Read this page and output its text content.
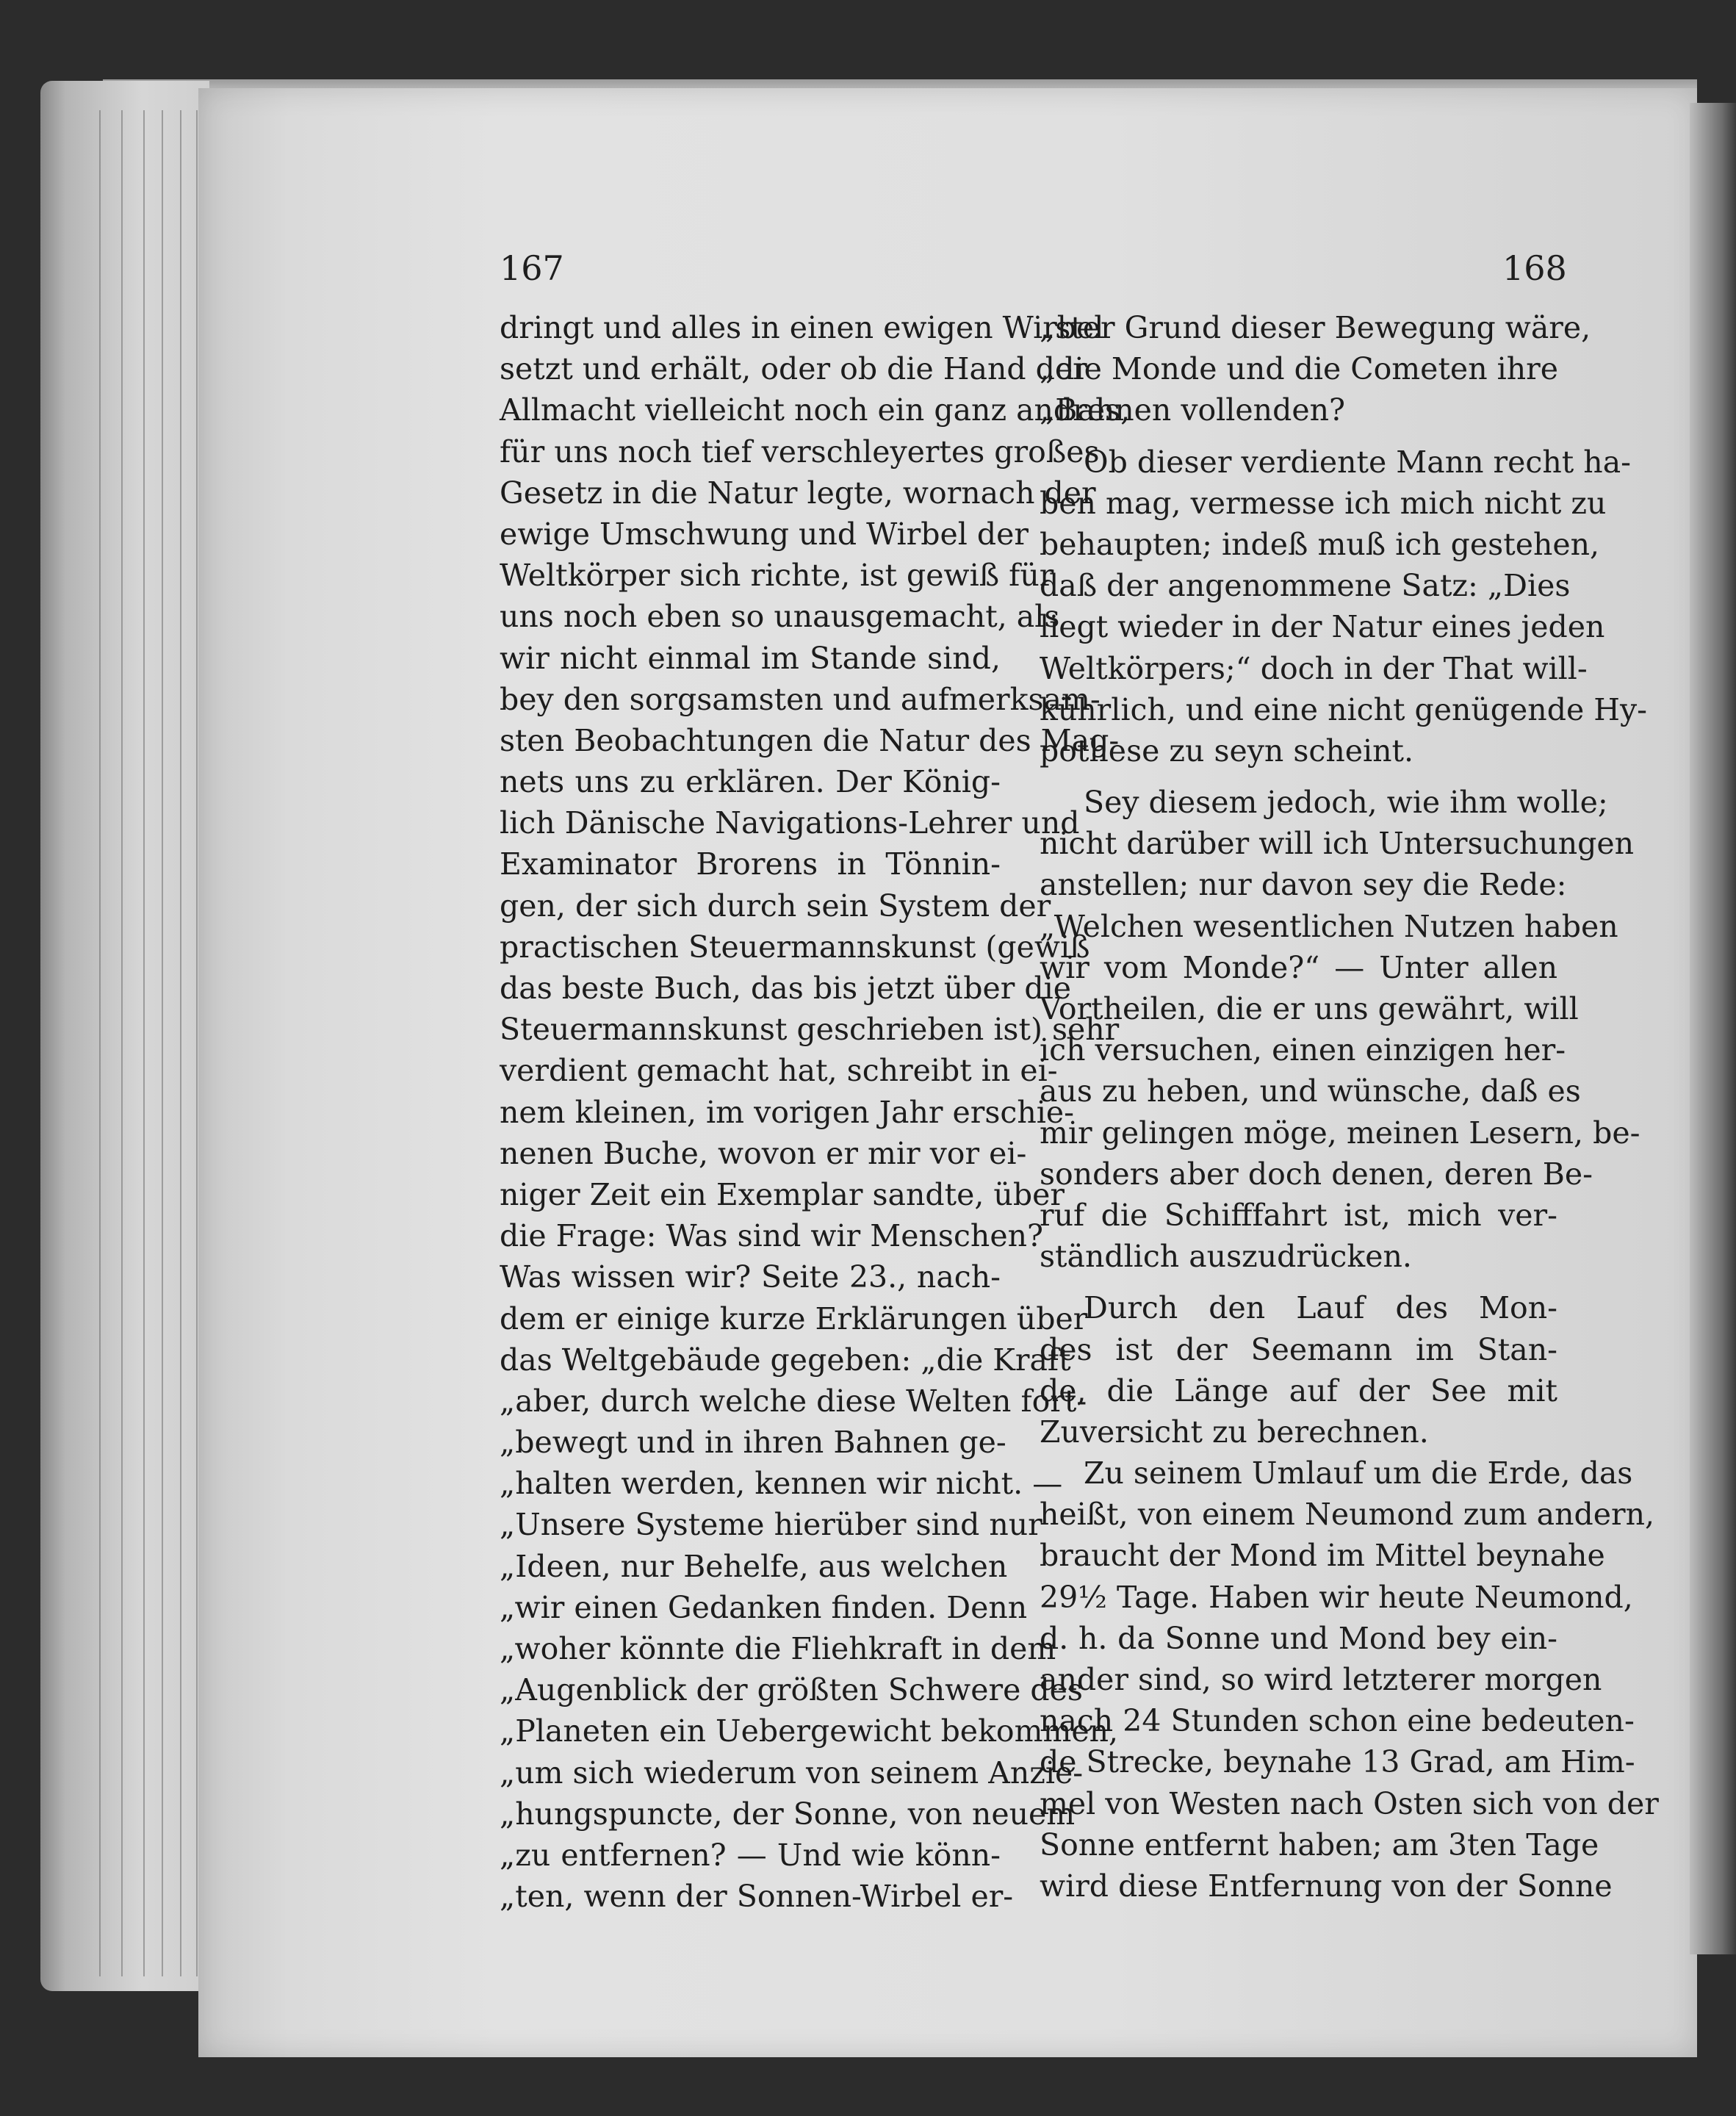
167	168
dringt und alles in einen ewigen Wirbel
setzt und erhält, oder ob die Hand der
Allmacht vielleicht noch ein ganz andres,
für uns noch tief verschleyertes großes
Gesetz in die Natur legte, wornach der
ewige Umschwung und Wirbel der
Weltkörper sich richte, ist gewiß für
uns noch eben so unausgemacht, als
wir nicht einmal im Stande sind,
bey den sorgsamsten und aufmerksam-
sten Beobachtungen die Natur des Mag-
nets uns zu erklären. Der König-
lich Dänische Navigations-Lehrer und
Examinator Brorens in Tönnin-
gen, der sich durch sein System der
practischen Steuermannskunst (gewiß
das beste Buch, das bis jetzt über die
Steuermannskunst geschrieben ist) sehr
verdient gemacht hat, schreibt in ei-
nem kleinen, im vorigen Jahr erschie-
nenen Buche, wovon er mir vor ei-
niger Zeit ein Exemplar sandte, über
die Frage: Was sind wir Menschen?
Was wissen wir? Seite 23., nach-
dem er einige kurze Erklärungen über
das Weltgebäude gegeben: „die Kraft
„aber, durch welche diese Welten fort-
„bewegt und in ihren Bahnen ge-
„halten werden, kennen wir nicht. —
„Unsere Systeme hierüber sind nur
„Ideen, nur Behelfe, aus welchen
„wir einen Gedanken finden. Denn
„woher könnte die Fliehkraft in dem
„Augenblick der größten Schwere des
„Planeten ein Uebergewicht bekommen,
„um sich wiederum von seinem Anzie-
„hungspuncte, der Sonne, von neuem
„zu entfernen? — Und wie könn-
„ten, wenn der Sonnen-Wirbel er-
„ster Grund dieser Bewegung wäre,
„die Monde und die Cometen ihre
„Bahnen vollenden?
Ob dieser verdiente Mann recht ha-
ben mag, vermesse ich mich nicht zu
behaupten; indeß muß ich gestehen,
daß der angenommene Satz: „Dies
liegt wieder in der Natur eines jeden
Weltkörpers;“ doch in der That will-
kührlich, und eine nicht genügende Hy-
pothese zu seyn scheint.
Sey diesem jedoch, wie ihm wolle;
nicht darüber will ich Untersuchungen
anstellen; nur davon sey die Rede:
„Welchen wesentlichen Nutzen haben
wir vom Monde?“ — Unter allen
Vortheilen, die er uns gewährt, will
ich versuchen, einen einzigen her-
aus zu heben, und wünsche, daß es
mir gelingen möge, meinen Lesern, be-
sonders aber doch denen, deren Be-
ruf die Schifffahrt ist, mich ver-
ständlich auszudrücken.
Durch den Lauf des Mon-
des ist der Seemann im Stan-
de, die Länge auf der See mit
Zuversicht zu berechnen.
Zu seinem Umlauf um die Erde, das
heißt, von einem Neumond zum andern,
braucht der Mond im Mittel beynahe
29½ Tage. Haben wir heute Neumond,
d. h. da Sonne und Mond bey ein-
ander sind, so wird letzterer morgen
nach 24 Stunden schon eine bedeuten-
de Strecke, beynahe 13 Grad, am Him-
mel von Westen nach Osten sich von der
Sonne entfernt haben; am 3ten Tage
wird diese Entfernung von der Sonne
